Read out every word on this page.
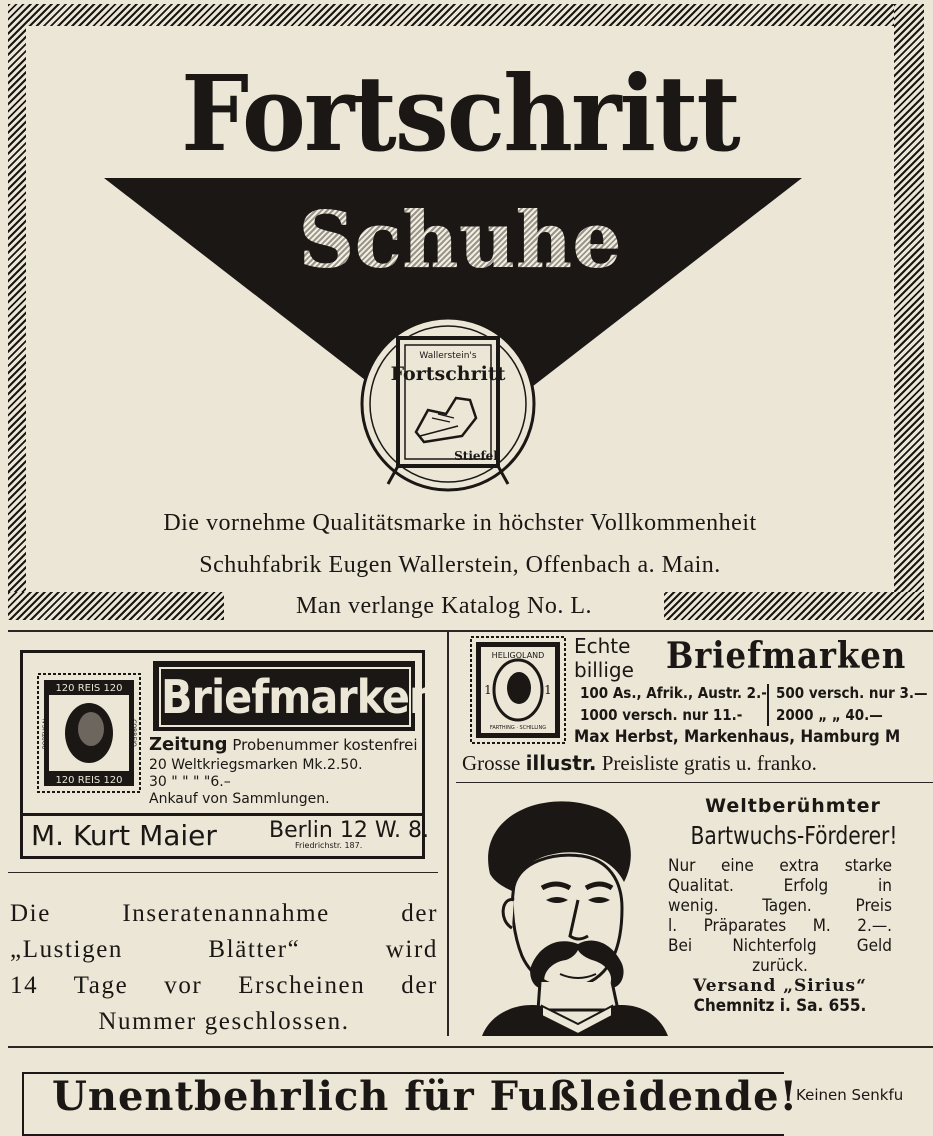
Fortschritt
Schuhe
Wallerstein's
Fortschritt
Stiefel
Die vornehme Qualitätsmarke in höchster Vollkommenheit
Schuhfabrik Eugen Wallerstein, Offenbach a. Main.
Man verlange Katalog No. L.
120 REIS 120
120 REIS 120
PORTUGAL	CORREIO
Briefmarken
Zeitung Probenummer kostenfrei
20 Weltkriegsmarken Mk.2.50.
30 " " " "6.–
Ankauf von Sammlungen.
M. Kurt Maier Berlin 12 W. 8.
Friedrichstr. 187.
Die Inseratenannahme der
„Lustigen Blätter“ wird
14 Tage vor Erscheinen der
Nummer geschlossen.
HELIGOLAND
1	1
FARTHING · SCHILLING
Echte
billige Briefmarken
100 As., Afrik., Austr. 2.-
1000 versch. nur 11.-
500 versch. nur 3.—
2000 „ „ 40.—
Max Herbst, Markenhaus, Hamburg M
Grosse illustr. Preisliste gratis u. franko.
Weltberühmter
Bartwuchs-Förderer!
Nur eine extra starke
Qualitat. Erfolg in
wenig. Tagen. Preis
l. Präparates M. 2.—.
Bei Nichterfolg Geld
zurück.
Versand „Sirius“
Chemnitz i. Sa. 655.
Unentbehrlich für Fußleidende!
Keinen Senkfu
